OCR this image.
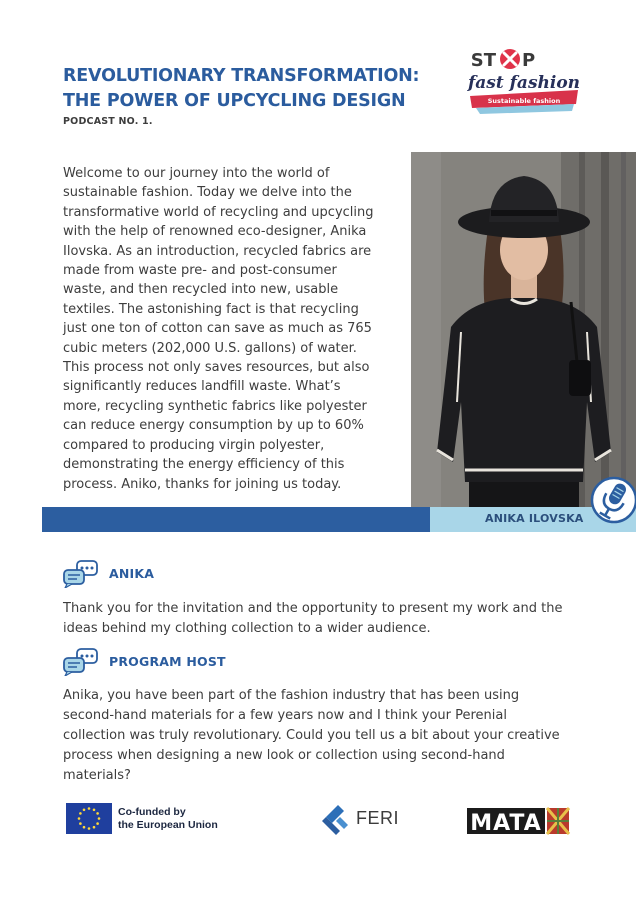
REVOLUTIONARY TRANSFORMATION:
THE POWER OF UPCYCLING DESIGN
PODCAST NO. 1.
ST P
fast fashion
Sustainable fashion
Welcome to our journey into the world of sustainable fashion. Today we delve into the transformative world of recycling and upcycling with the help of renowned eco-designer, Anika Ilovska. As an introduction, recycled fabrics are made from waste pre- and post-consumer waste, and then recycled into new, usable textiles. The astonishing fact is that recycling just one ton of cotton can save as much as 765 cubic meters (202,000 U.S. gallons) of water. This process not only saves resources, but also significantly reduces landfill waste. What’s more, recycling synthetic fabrics like polyester can reduce energy consumption by up to 60% compared to producing virgin polyester, demonstrating the energy efficiency of this process. Aniko, thanks for joining us today.
ANIKA ILOVSKA
ANIKA
Thank you for the invitation and the opportunity to present my work and the ideas behind my clothing collection to a wider audience.
PROGRAM HOST
Anika, you have been part of the fashion industry that has been using second-hand materials for a few years now and I think your Perenial collection was truly revolutionary. Could you tell us a bit about your creative process when designing a new look or collection using second-hand materials?
Co-funded by
the European Union	FERI	MATA
